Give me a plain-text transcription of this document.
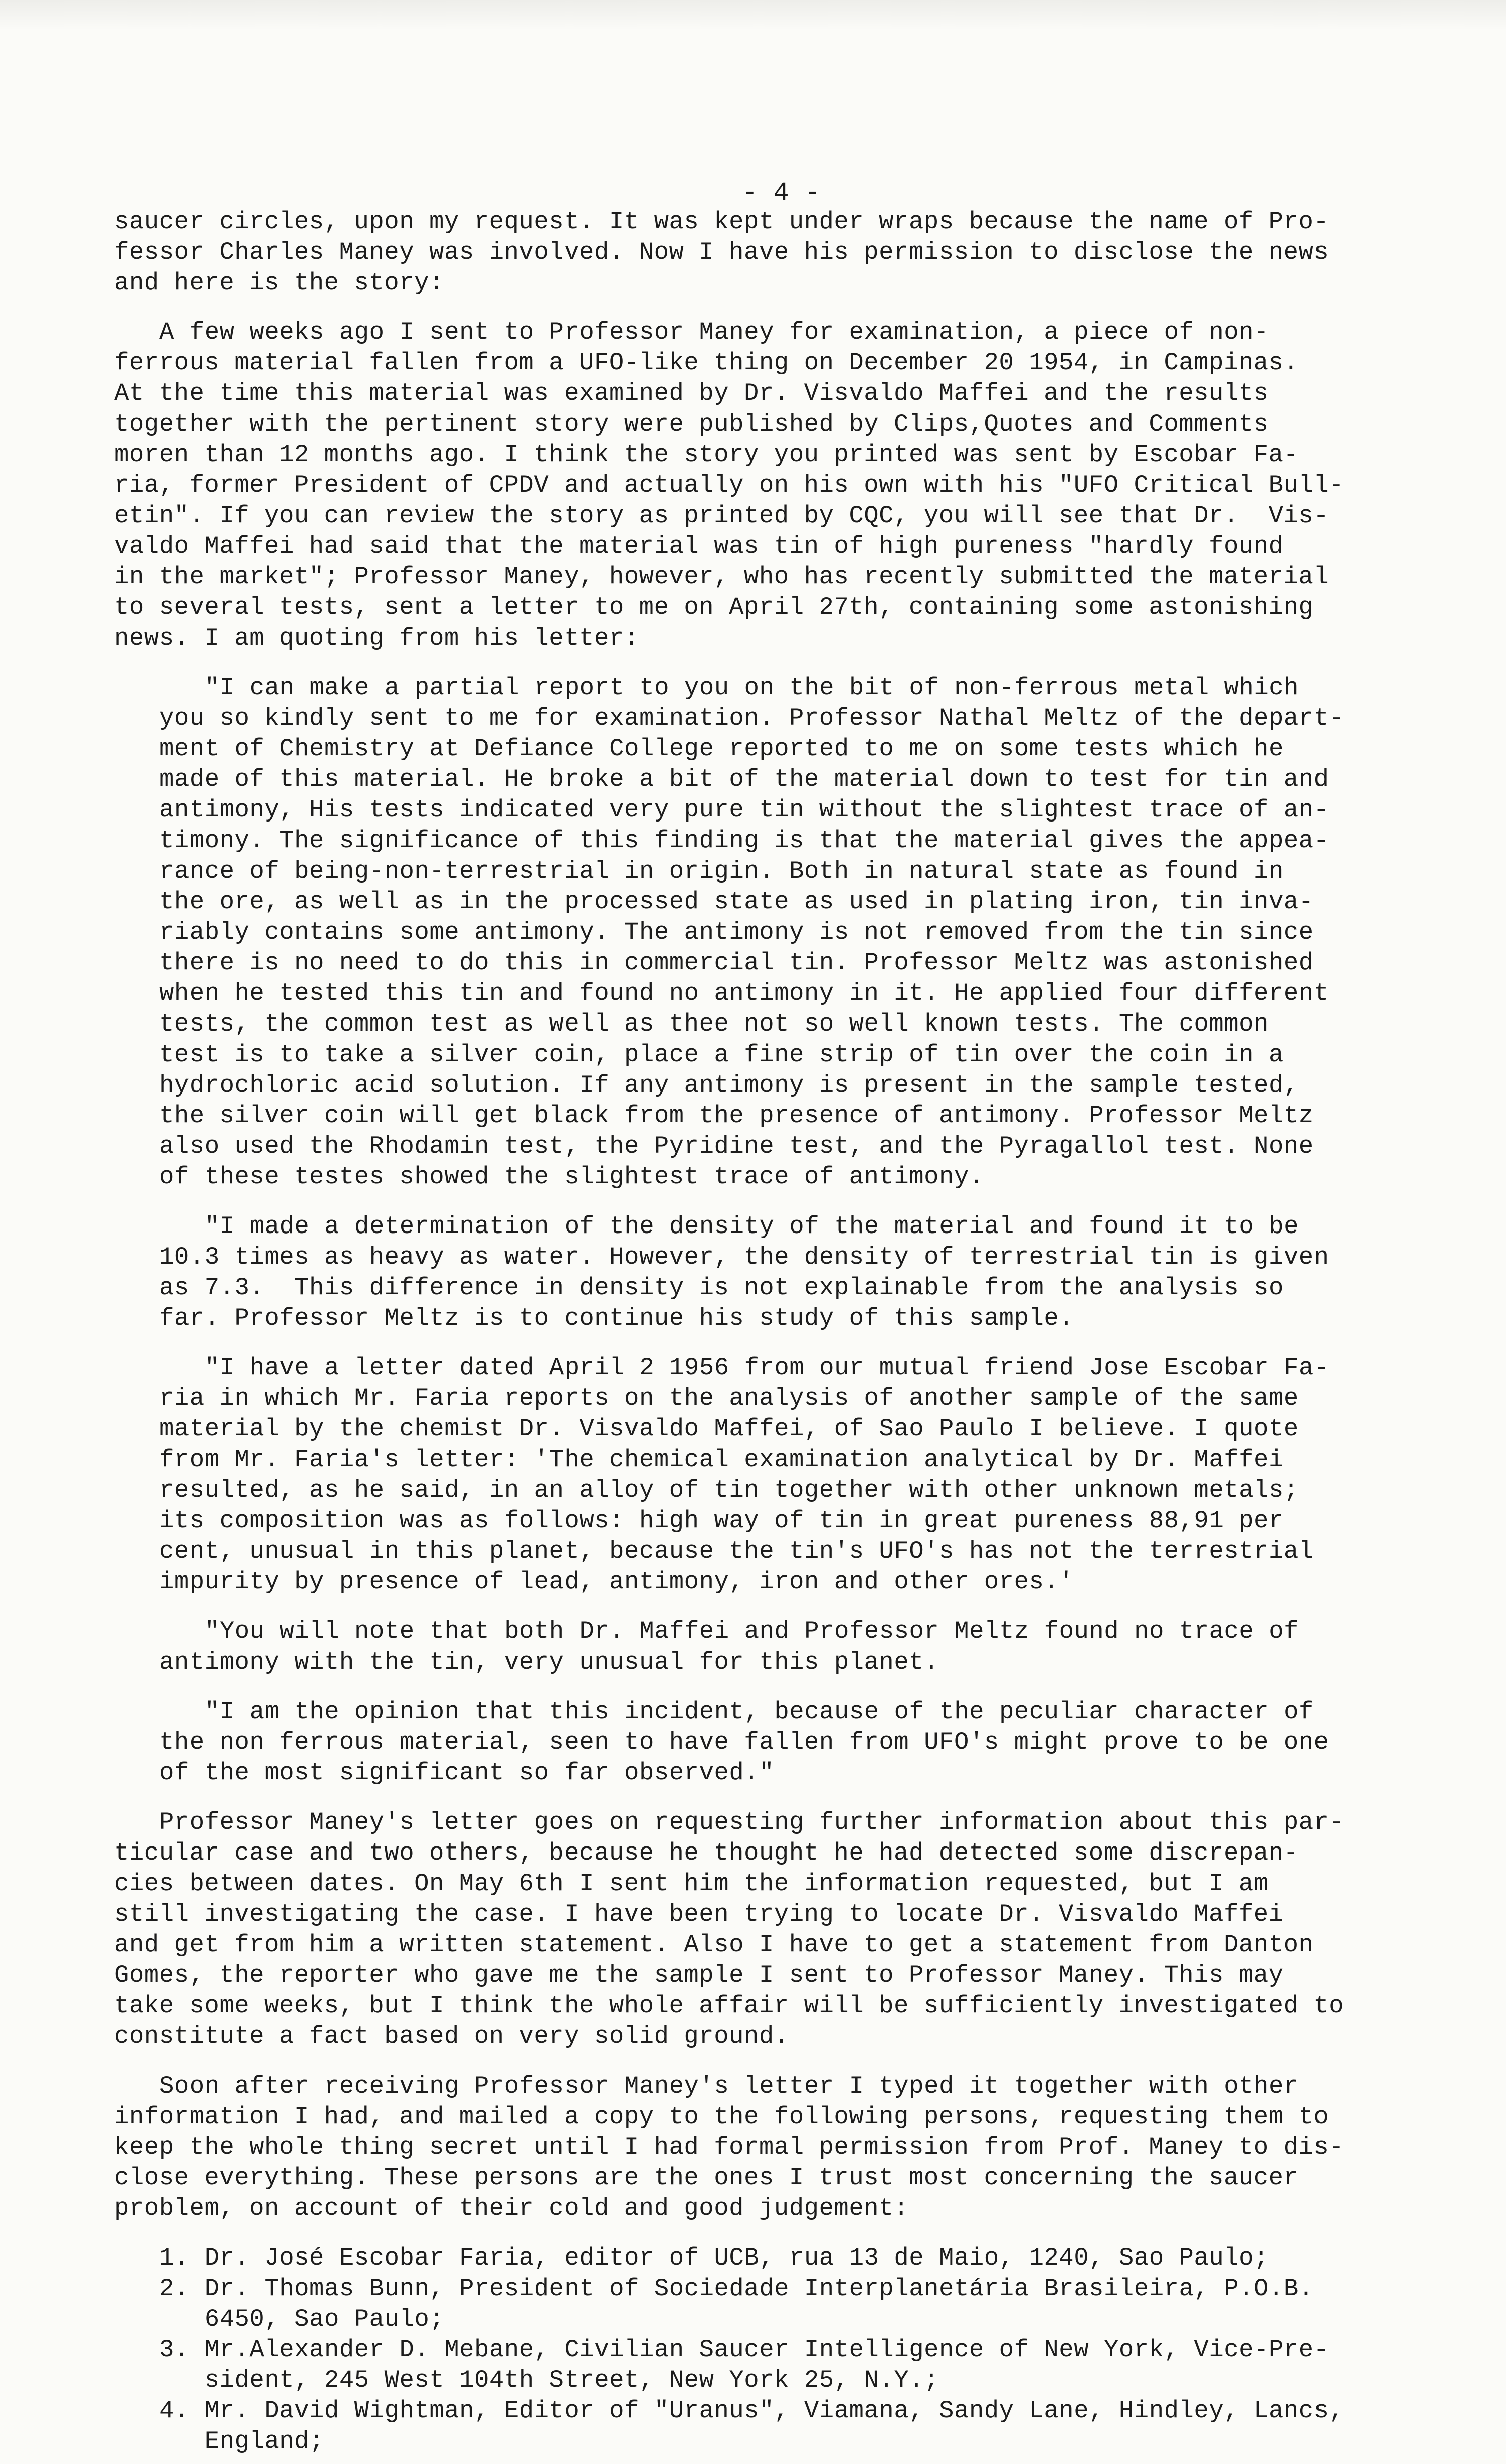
- 4 -

saucer circles, upon my request. It was kept under wraps because the name of Pro-

fessor Charles Maney was involved. Now I have his permission to disclose the news

and here is the story:

A few weeks ago I sent to Professor Maney for examination, a piece of non-

ferrous material fallen from a UFO-like thing on December 20 1954, in Campinas.

At the time this material was examined by Dr. Visvaldo Maffei and the results

together with the pertinent story were published by Clips,Quotes and Comments

moren than 12 months ago. I think the story you printed was sent by Escobar Fa-

ria, former President of CPDV and actually on his own with his "UFO Critical Bull-

etin". If you can review the story as printed by CQC, you will see that Dr.  Vis-

valdo Maffei had said that the material was tin of high pureness "hardly found

in the market"; Professor Maney, however, who has recently submitted the material

to several tests, sent a letter to me on April 27th, containing some astonishing

news. I am quoting from his letter:

"I can make a partial report to you on the bit of non-ferrous metal which

you so kindly sent to me for examination. Professor Nathal Meltz of the depart-

ment of Chemistry at Defiance College reported to me on some tests which he

made of this material. He broke a bit of the material down to test for tin and

antimony, His tests indicated very pure tin without the slightest trace of an-

timony. The significance of this finding is that the material gives the appea-

rance of being-non-terrestrial in origin. Both in natural state as found in

the ore, as well as in the processed state as used in plating iron, tin inva-

riably contains some antimony. The antimony is not removed from the tin since

there is no need to do this in commercial tin. Professor Meltz was astonished

when he tested this tin and found no antimony in it. He applied four different

tests, the common test as well as thee not so well known tests. The common

test is to take a silver coin, place a fine strip of tin over the coin in a

hydrochloric acid solution. If any antimony is present in the sample tested,

the silver coin will get black from the presence of antimony. Professor Meltz

also used the Rhodamin test, the Pyridine test, and the Pyragallol test. None

of these testes showed the slightest trace of antimony.

"I made a determination of the density of the material and found it to be

10.3 times as heavy as water. However, the density of terrestrial tin is given

as 7.3.  This difference in density is not explainable from the analysis so

far. Professor Meltz is to continue his study of this sample.

"I have a letter dated April 2 1956 from our mutual friend Jose Escobar Fa-

ria in which Mr. Faria reports on the analysis of another sample of the same

material by the chemist Dr. Visvaldo Maffei, of Sao Paulo I believe. I quote

from Mr. Faria's letter: 'The chemical examination analytical by Dr. Maffei

resulted, as he said, in an alloy of tin together with other unknown metals;

its composition was as follows: high way of tin in great pureness 88,91 per

cent, unusual in this planet, because the tin's UFO's has not the terrestrial

impurity by presence of lead, antimony, iron and other ores.'

"You will note that both Dr. Maffei and Professor Meltz found no trace of

antimony with the tin, very unusual for this planet.

"I am the opinion that this incident, because of the peculiar character of

the non ferrous material, seen to have fallen from UFO's might prove to be one

of the most significant so far observed."

Professor Maney's letter goes on requesting further information about this par-

ticular case and two others, because he thought he had detected some discrepan-

cies between dates. On May 6th I sent him the information requested, but I am

still investigating the case. I have been trying to locate Dr. Visvaldo Maffei

and get from him a written statement. Also I have to get a statement from Danton

Gomes, the reporter who gave me the sample I sent to Professor Maney. This may

take some weeks, but I think the whole affair will be sufficiently investigated to

constitute a fact based on very solid ground.

Soon after receiving Professor Maney's letter I typed it together with other

information I had, and mailed a copy to the following persons, requesting them to

keep the whole thing secret until I had formal permission from Prof. Maney to dis-

close everything. These persons are the ones I trust most concerning the saucer

problem, on account of their cold and good judgement:

1. Dr. José Escobar Faria, editor of UCB, rua 13 de Maio, 1240, Sao Paulo;

2. Dr. Thomas Bunn, President of Sociedade Interplanetária Brasileira, P.O.B.

6450, Sao Paulo;

3. Mr.Alexander D. Mebane, Civilian Saucer Intelligence of New York, Vice-Pre-

sident, 245 West 104th Street, New York 25, N.Y.;

4. Mr. David Wightman, Editor of "Uranus", Viamana, Sandy Lane, Hindley, Lancs,

England;
